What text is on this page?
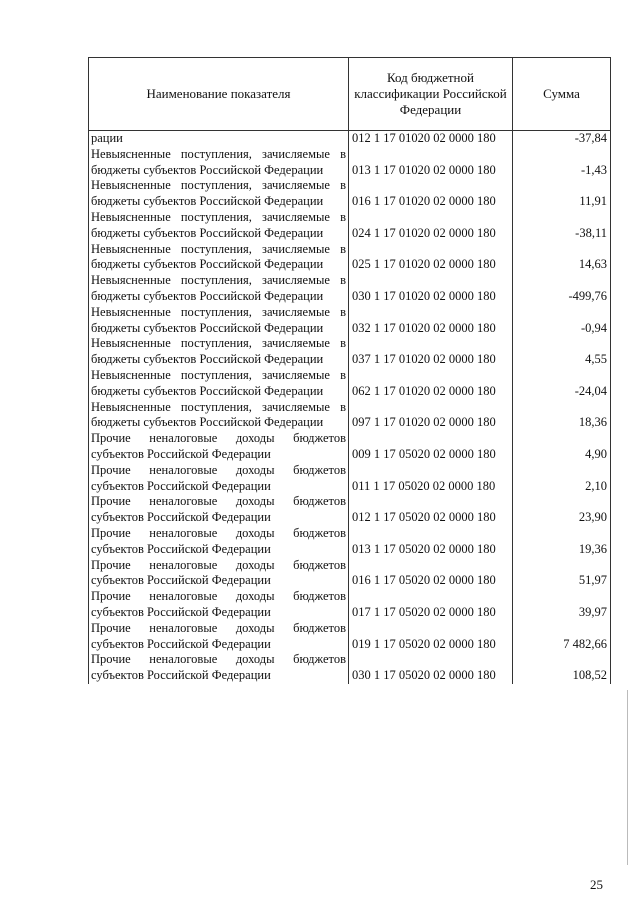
Наименование показателя	Код бюджетной классификации Российской Федерации	Сумма
рации	012 1 17 01020 02 0000 180	-37,84
Невыясненные поступления, зачисляемые в бюджеты субъектов Российской Федерации	013 1 17 01020 02 0000 180	-1,43
Невыясненные поступления, зачисляемые в бюджеты субъектов Российской Федерации	016 1 17 01020 02 0000 180	11,91
Невыясненные поступления, зачисляемые в бюджеты субъектов Российской Федерации	024 1 17 01020 02 0000 180	-38,11
Невыясненные поступления, зачисляемые в бюджеты субъектов Российской Федерации	025 1 17 01020 02 0000 180	14,63
Невыясненные поступления, зачисляемые в бюджеты субъектов Российской Федерации	030 1 17 01020 02 0000 180	-499,76
Невыясненные поступления, зачисляемые в бюджеты субъектов Российской Федерации	032 1 17 01020 02 0000 180	-0,94
Невыясненные поступления, зачисляемые в бюджеты субъектов Российской Федерации	037 1 17 01020 02 0000 180	4,55
Невыясненные поступления, зачисляемые в бюджеты субъектов Российской Федерации	062 1 17 01020 02 0000 180	-24,04
Невыясненные поступления, зачисляемые в бюджеты субъектов Российской Федерации	097 1 17 01020 02 0000 180	18,36
Прочие неналоговые доходы бюджетов субъектов Российской Федерации	009 1 17 05020 02 0000 180	4,90
Прочие неналоговые доходы бюджетов субъектов Российской Федерации	011 1 17 05020 02 0000 180	2,10
Прочие неналоговые доходы бюджетов субъектов Российской Федерации	012 1 17 05020 02 0000 180	23,90
Прочие неналоговые доходы бюджетов субъектов Российской Федерации	013 1 17 05020 02 0000 180	19,36
Прочие неналоговые доходы бюджетов субъектов Российской Федерации	016 1 17 05020 02 0000 180	51,97
Прочие неналоговые доходы бюджетов субъектов Российской Федерации	017 1 17 05020 02 0000 180	39,97
Прочие неналоговые доходы бюджетов субъектов Российской Федерации	019 1 17 05020 02 0000 180	7 482,66
Прочие неналоговые доходы бюджетов субъектов Российской Федерации	030 1 17 05020 02 0000 180	108,52
25
